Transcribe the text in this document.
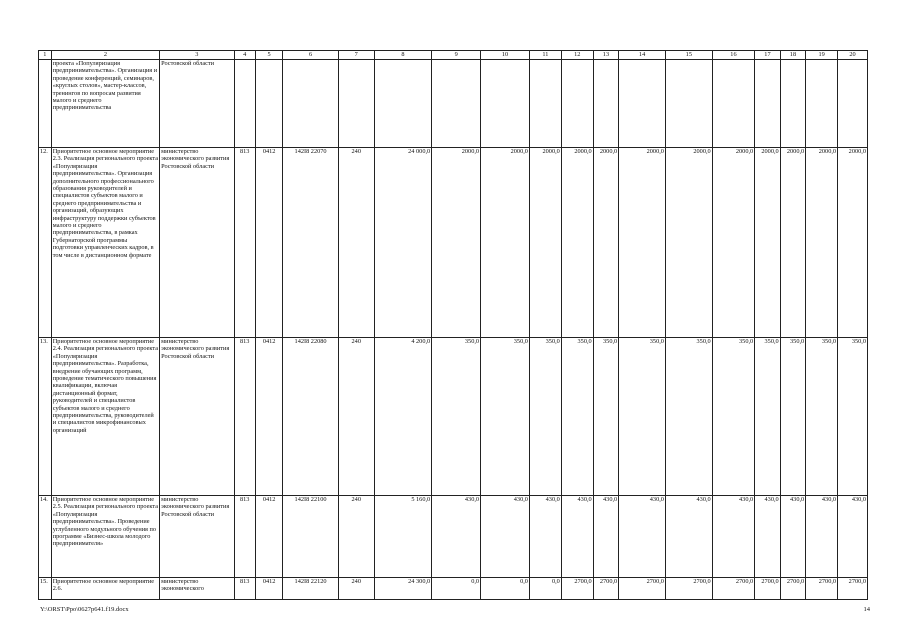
1	2	3	4	5	6	7	8	9	10	11	12	13	14	15	16	17	18	19	20
	проекта «Популяризация предпринимательства». Организация и проведение конференций, семинаров, «круглых столов», мастер-классов, тренингов по вопросам развития малого и среднего предпринимательства	Ростовской области																	
12.	Приоритетное основное мероприятие 2.3. Реализация регионального проекта «Популяризация предпринимательства». Организация дополнительного профессионального образования руководителей и специалистов субъектов малого и среднего предпринимательства и организаций, образующих инфраструктуру поддержки субъектов малого и среднего предпринимательства, в рамках Губернаторской программы подготовки управленческих кадров, в том числе в дистанционном формате	министерство экономического развития Ростовской области	813	0412	142I8 22070	240	24 000,0	2000,0	2000,0	2000,0	2000,0	2000,0	2000,0	2000,0	2000,0	2000,0	2000,0	2000,0	2000,0
13.	Приоритетное основное мероприятие 2.4. Реализация регионального проекта «Популяризация предпринимательства». Разработка, внедрение обучающих программ, проведение тематического повышения квалификации, включая дистанционный формат, руководителей и специалистов субъектов малого и среднего предпринимательства, руководителей и специалистов микрофинансовых организаций	министерство экономического развития Ростовской области	813	0412	142I8 22080	240	4 200,0	350,0	350,0	350,0	350,0	350,0	350,0	350,0	350,0	350,0	350,0	350,0	350,0
14.	Приоритетное основное мероприятие 2.5. Реализация регионального проекта «Популяризация предпринимательства». Проведение углубленного модульного обучения по программе «Бизнес-школа молодого предпринимателя»	министерство экономического развития Ростовской области	813	0412	142I8 22100	240	5 160,0	430,0	430,0	430,0	430,0	430,0	430,0	430,0	430,0	430,0	430,0	430,0	430,0
15.	Приоритетное основное мероприятие 2.6.	министерство экономического	813	0412	142I8 22120	240	24 300,0	0,0	0,0	0,0	2700,0	2700,0	2700,0	2700,0	2700,0	2700,0	2700,0	2700,0	2700,0
Y:\ORST\Ppo\0627p641.f19.docx	14
